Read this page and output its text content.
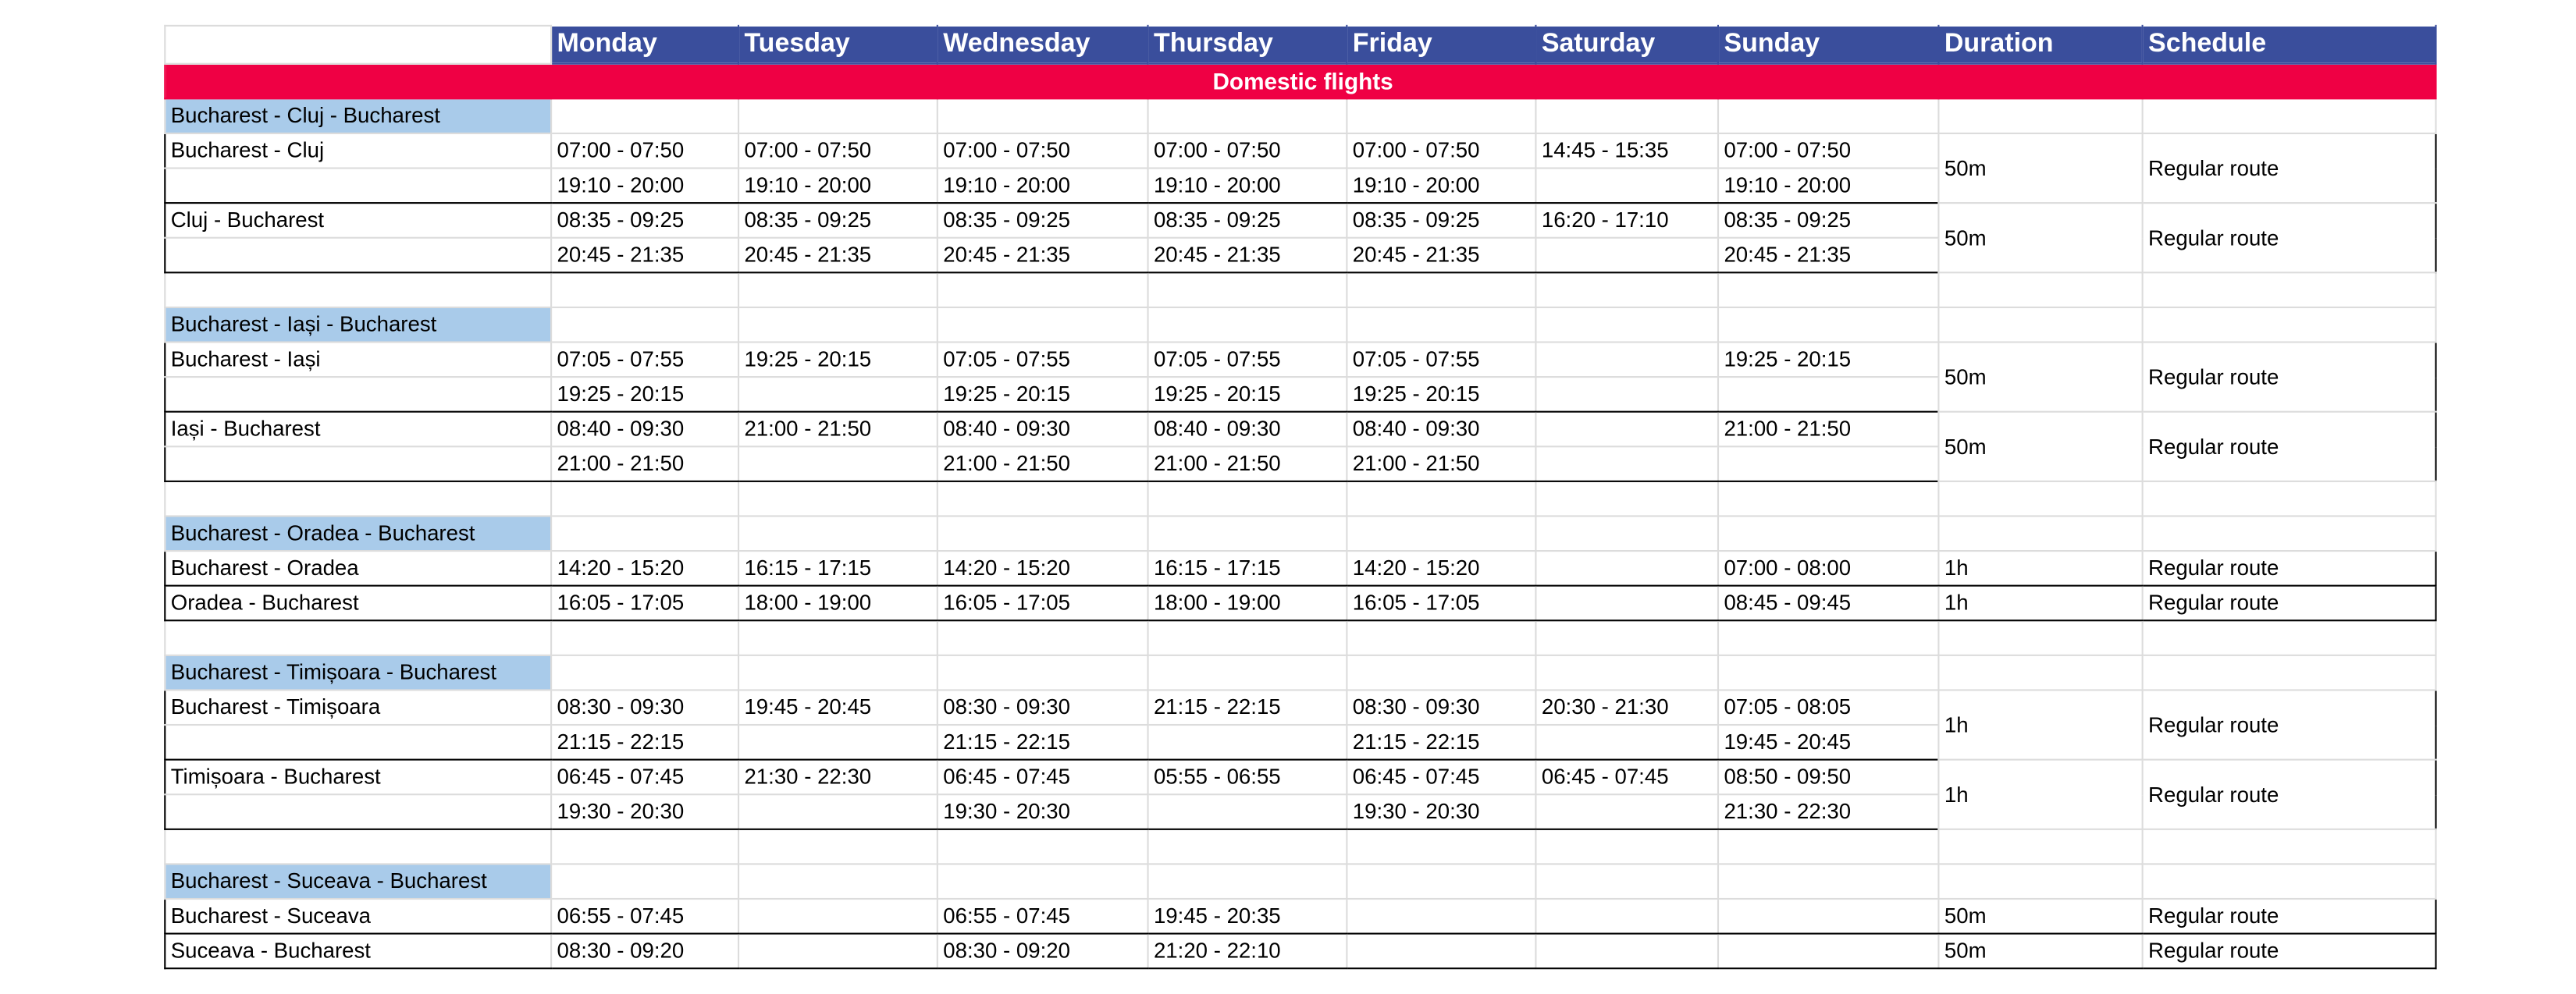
	Monday	Tuesday	Wednesday	Thursday	Friday	Saturday	Sunday	Duration	Schedule
Domestic flights									
Bucharest - Cluj - Bucharest									
Bucharest - Cluj	07:00 - 07:50	07:00 - 07:50	07:00 - 07:50	07:00 - 07:50	07:00 - 07:50	14:45 - 15:35	07:00 - 07:50	50m	Regular route
	19:10 - 20:00	19:10 - 20:00	19:10 - 20:00	19:10 - 20:00	19:10 - 20:00		19:10 - 20:00		
Cluj - Bucharest	08:35 - 09:25	08:35 - 09:25	08:35 - 09:25	08:35 - 09:25	08:35 - 09:25	16:20 - 17:10	08:35 - 09:25	50m	Regular route
	20:45 - 21:35	20:45 - 21:35	20:45 - 21:35	20:45 - 21:35	20:45 - 21:35		20:45 - 21:35		

Bucharest - Iași - Bucharest									
Bucharest - Iași	07:05 - 07:55	19:25 - 20:15	07:05 - 07:55	07:05 - 07:55	07:05 - 07:55		19:25 - 20:15	50m	Regular route
	19:25 - 20:15		19:25 - 20:15	19:25 - 20:15	19:25 - 20:15				
Iași - Bucharest	08:40 - 09:30	21:00 - 21:50	08:40 - 09:30	08:40 - 09:30	08:40 - 09:30		21:00 - 21:50	50m	Regular route
	21:00 - 21:50		21:00 - 21:50	21:00 - 21:50	21:00 - 21:50				

Bucharest - Oradea - Bucharest									
Bucharest - Oradea	14:20 - 15:20	16:15 - 17:15	14:20 - 15:20	16:15 - 17:15	14:20 - 15:20		07:00 - 08:00	1h	Regular route
Oradea - Bucharest	16:05 - 17:05	18:00 - 19:00	16:05 - 17:05	18:00 - 19:00	16:05 - 17:05		08:45 - 09:45	1h	Regular route

Bucharest - Timișoara - Bucharest									
Bucharest - Timișoara	08:30 - 09:30	19:45 - 20:45	08:30 - 09:30	21:15 - 22:15	08:30 - 09:30	20:30 - 21:30	07:05 - 08:05	1h	Regular route
	21:15 - 22:15		21:15 - 22:15		21:15 - 22:15		19:45 - 20:45		
Timișoara - Bucharest	06:45 - 07:45	21:30 - 22:30	06:45 - 07:45	05:55 - 06:55	06:45 - 07:45	06:45 - 07:45	08:50 - 09:50	1h	Regular route
	19:30 - 20:30		19:30 - 20:30		19:30 - 20:30		21:30 - 22:30		

Bucharest - Suceava - Bucharest									
Bucharest - Suceava	06:55 - 07:45		06:55 - 07:45	19:45 - 20:35				50m	Regular route
Suceava - Bucharest	08:30 - 09:20		08:30 - 09:20	21:20 - 22:10				50m	Regular route
